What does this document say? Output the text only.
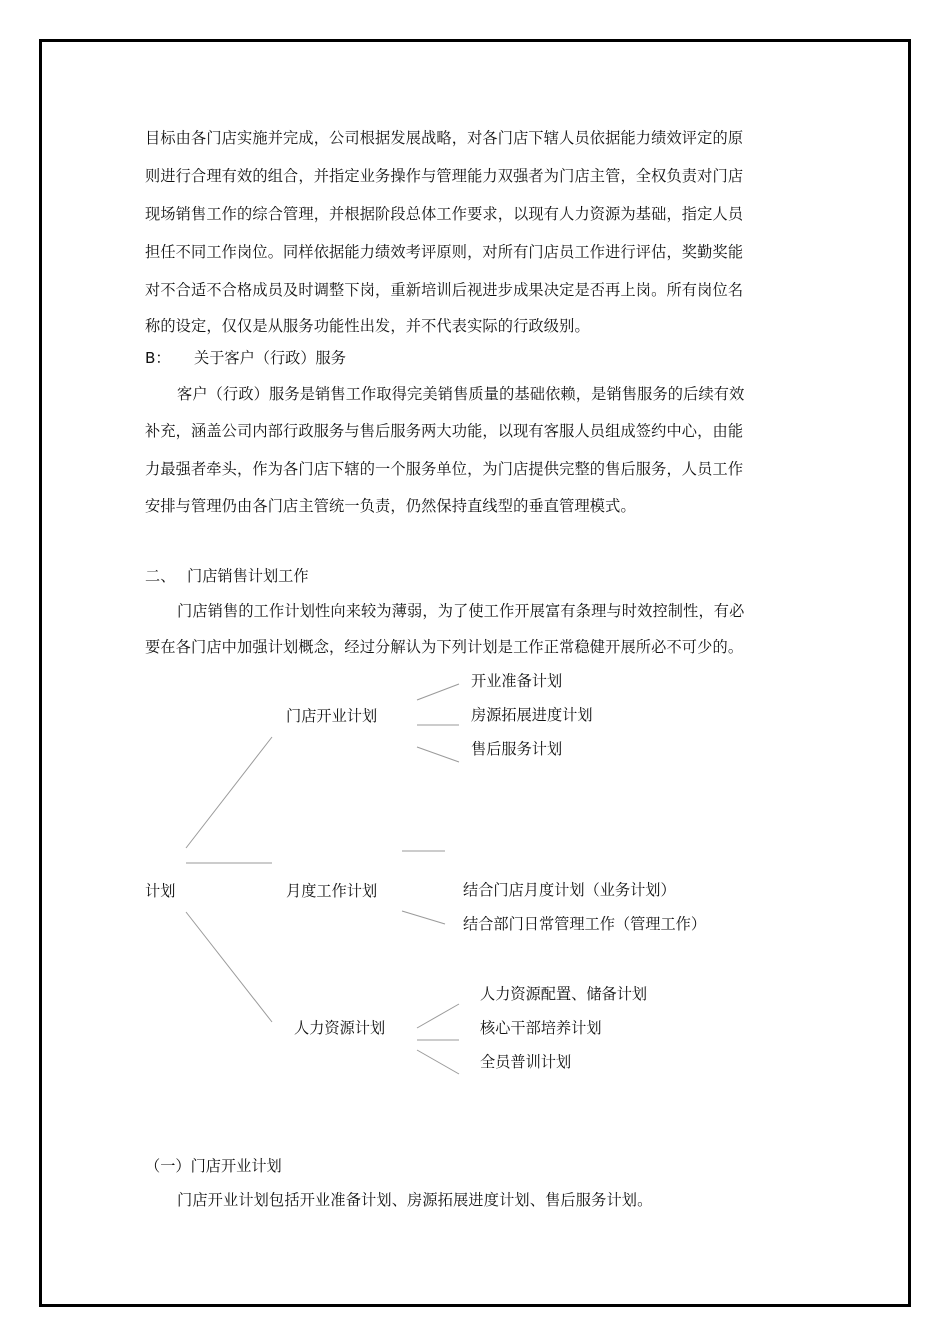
目标由各门店实施并完成，公司根据发展战略，对各门店下辖人员依据能力绩效评定的原
则进行合理有效的组合，并指定业务操作与管理能力双强者为门店主管，全权负责对门店
现场销售工作的综合管理，并根据阶段总体工作要求，以现有人力资源为基础，指定人员
担任不同工作岗位。同样依据能力绩效考评原则，对所有门店员工作进行评估，奖勤奖能
对不合适不合格成员及时调整下岗，重新培训后视进步成果决定是否再上岗。所有岗位名
称的设定，仅仅是从服务功能性出发，并不代表实际的行政级别。
B： 关于客户（行政）服务
客户（行政）服务是销售工作取得完美销售质量的基础依赖，是销售服务的后续有效
补充，涵盖公司内部行政服务与售后服务两大功能，以现有客服人员组成签约中心，由能
力最强者牵头，作为各门店下辖的一个服务单位，为门店提供完整的售后服务，人员工作
安排与管理仍由各门店主管统一负责，仍然保持直线型的垂直管理模式。
二、 门店销售计划工作
门店销售的工作计划性向来较为薄弱，为了使工作开展富有条理与时效控制性，有必
要在各门店中加强计划概念，经过分解认为下列计划是工作正常稳健开展所必不可少的。
计划
门店开业计划
开业准备计划
房源拓展进度计划
售后服务计划
月度工作计划	结合门店月度计划（业务计划）
结合部门日常管理工作（管理工作）
人力资源计划
人力资源配置、储备计划
核心干部培养计划
全员普训计划
（一）门店开业计划
门店开业计划包括开业准备计划、房源拓展进度计划、售后服务计划。
